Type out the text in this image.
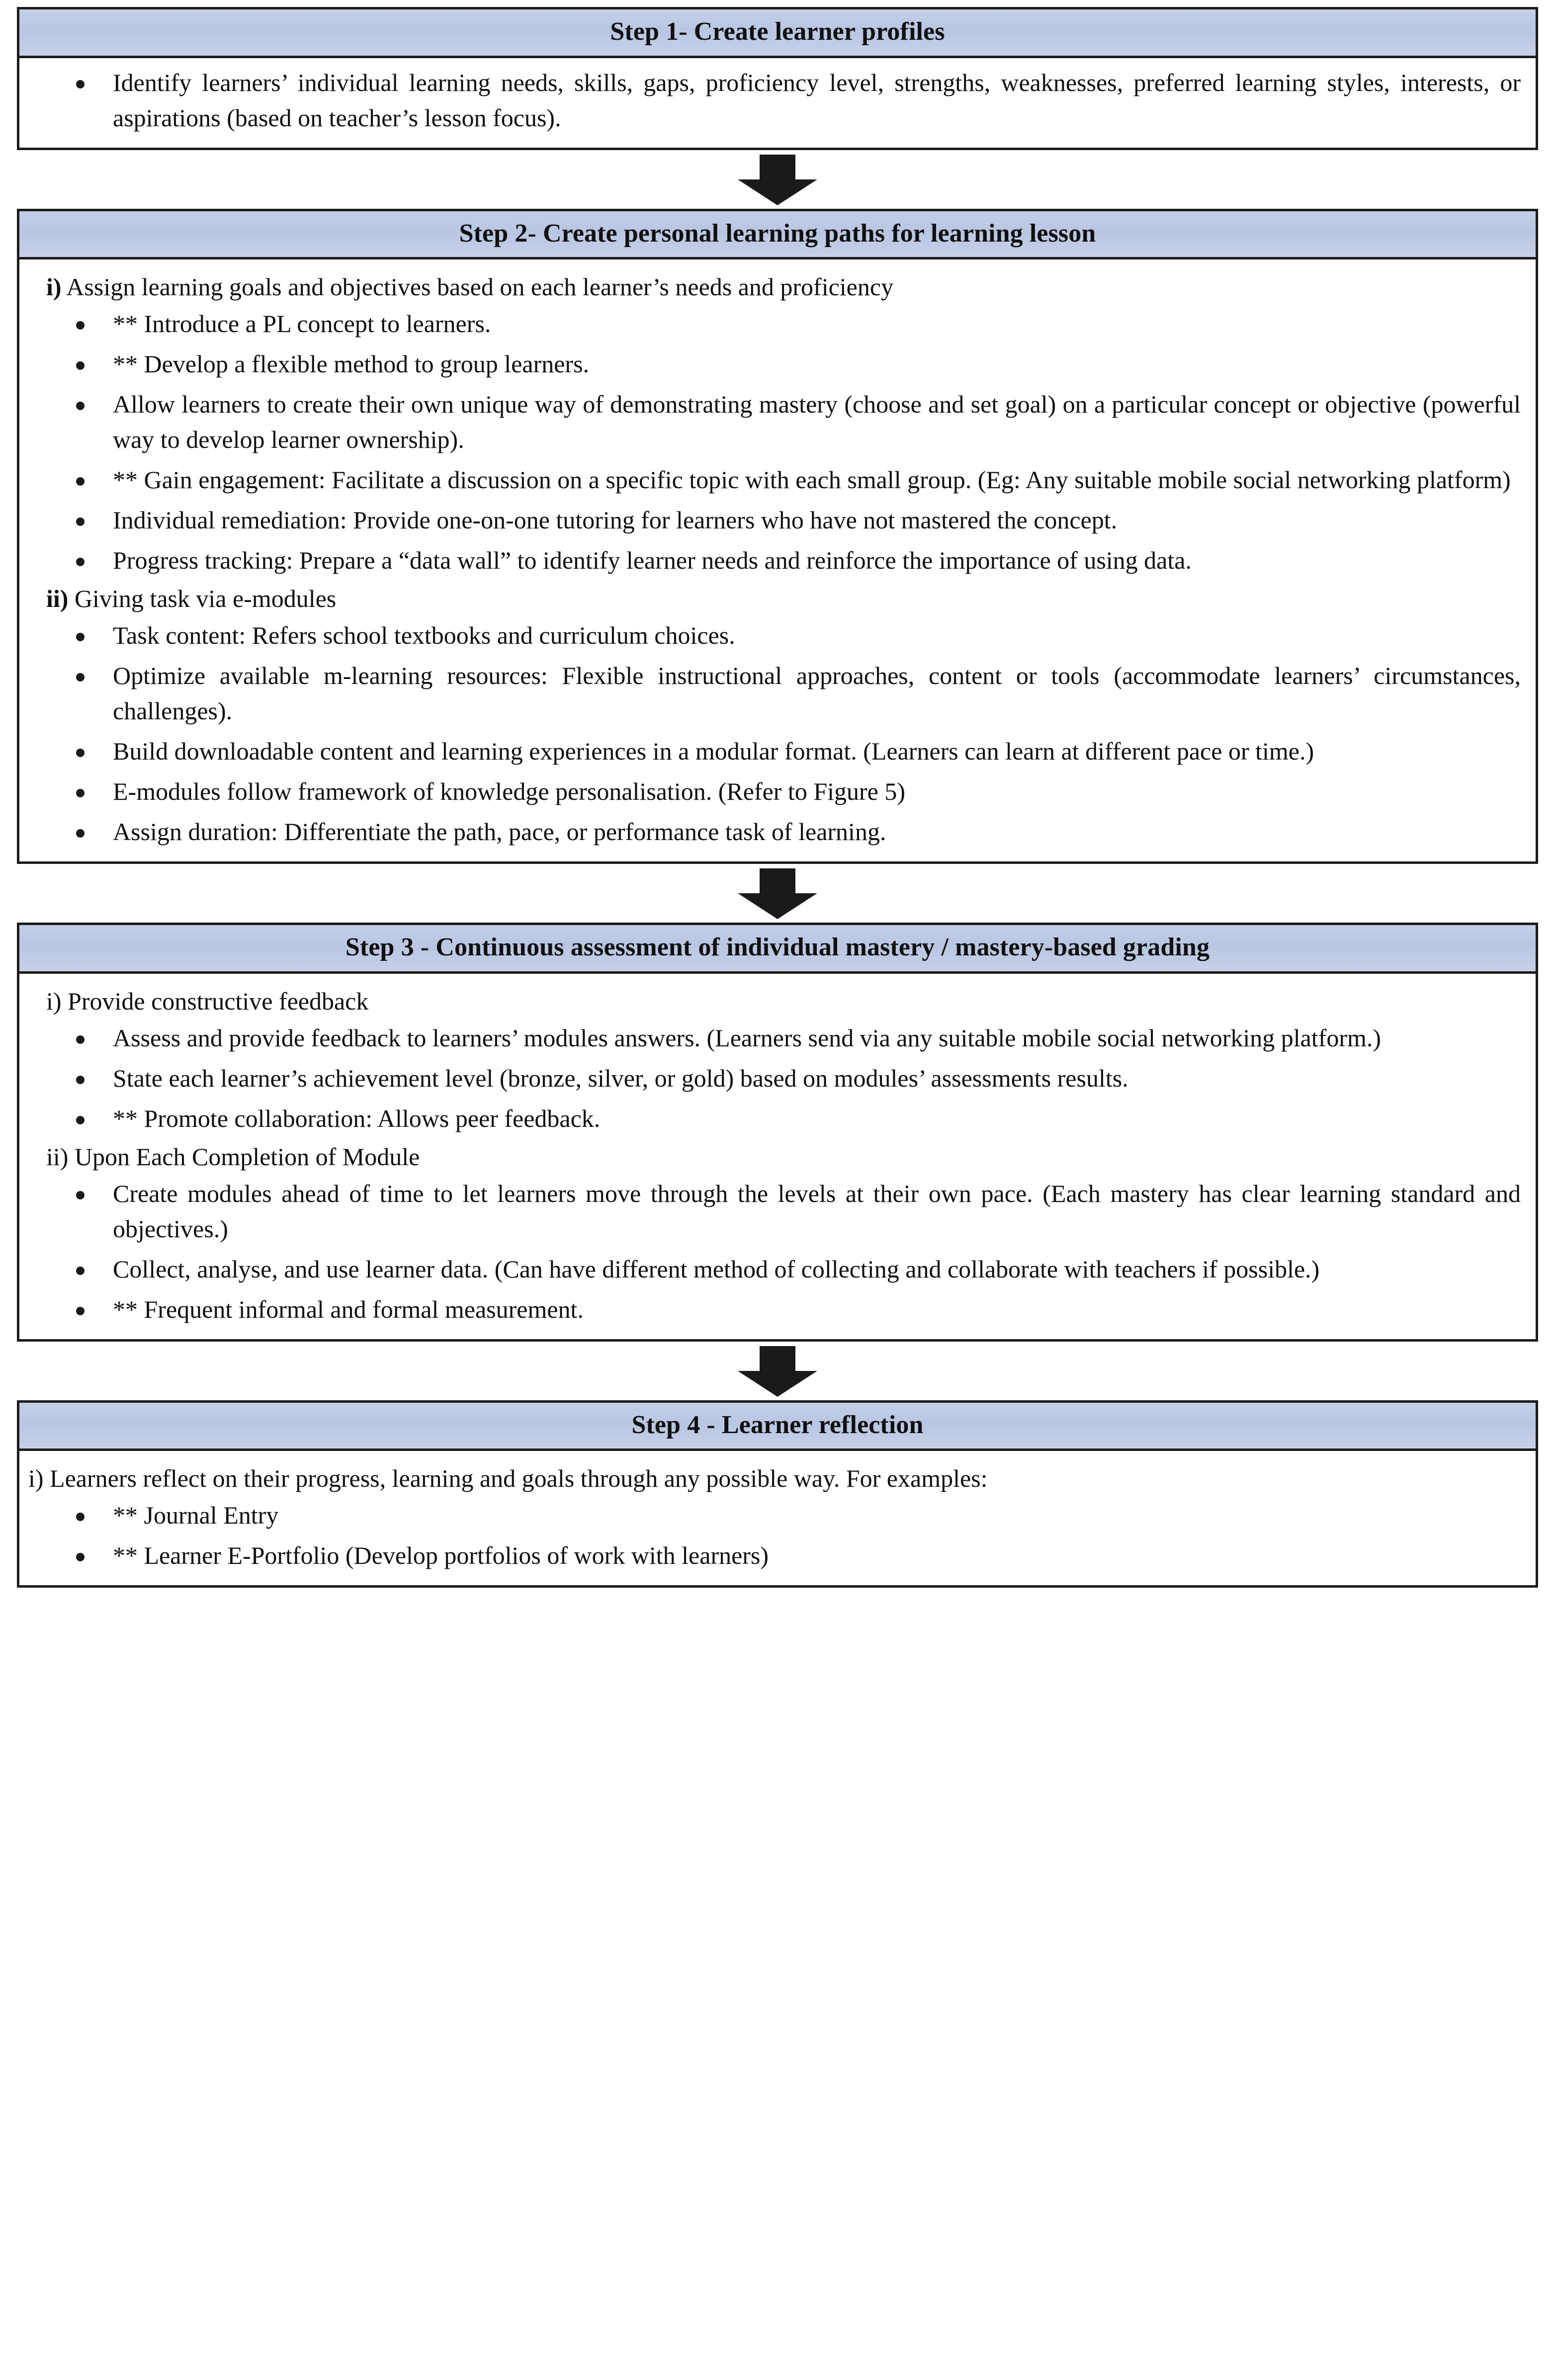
Step 1- Create learner profiles
Identify learners’ individual learning needs, skills, gaps, proficiency level, strengths, weaknesses, preferred learning styles, interests, or aspirations (based on teacher’s lesson focus).
Step 2- Create personal learning paths for learning lesson
i) Assign learning goals and objectives based on each learner’s needs and proficiency
** Introduce a PL concept to learners.
** Develop a flexible method to group learners.
Allow learners to create their own unique way of demonstrating mastery (choose and set goal) on a particular concept or objective (powerful way to develop learner ownership).
** Gain engagement: Facilitate a discussion on a specific topic with each small group. (Eg: Any suitable mobile social networking platform)
Individual remediation: Provide one-on-one tutoring for learners who have not mastered the concept.
Progress tracking: Prepare a “data wall” to identify learner needs and reinforce the importance of using data.
ii) Giving task via e-modules
Task content: Refers school textbooks and curriculum choices.
Optimize available m-learning resources: Flexible instructional approaches, content or tools (accommodate learners’ circumstances, challenges).
Build downloadable content and learning experiences in a modular format. (Learners can learn at different pace or time.)
E-modules follow framework of knowledge personalisation. (Refer to Figure 5)
Assign duration: Differentiate the path, pace, or performance task of learning.
Step 3 - Continuous assessment of individual mastery / mastery-based grading
i) Provide constructive feedback
Assess and provide feedback to learners’ modules answers. (Learners send via any suitable mobile social networking platform.)
State each learner’s achievement level (bronze, silver, or gold) based on modules’ assessments results.
** Promote collaboration: Allows peer feedback.
ii) Upon Each Completion of Module
Create modules ahead of time to let learners move through the levels at their own pace. (Each mastery has clear learning standard and objectives.)
Collect, analyse, and use learner data. (Can have different method of collecting and collaborate with teachers if possible.)
** Frequent informal and formal measurement.
Step 4 - Learner reflection
i) Learners reflect on their progress, learning and goals through any possible way. For examples:
** Journal Entry
** Learner E-Portfolio (Develop portfolios of work with learners)
